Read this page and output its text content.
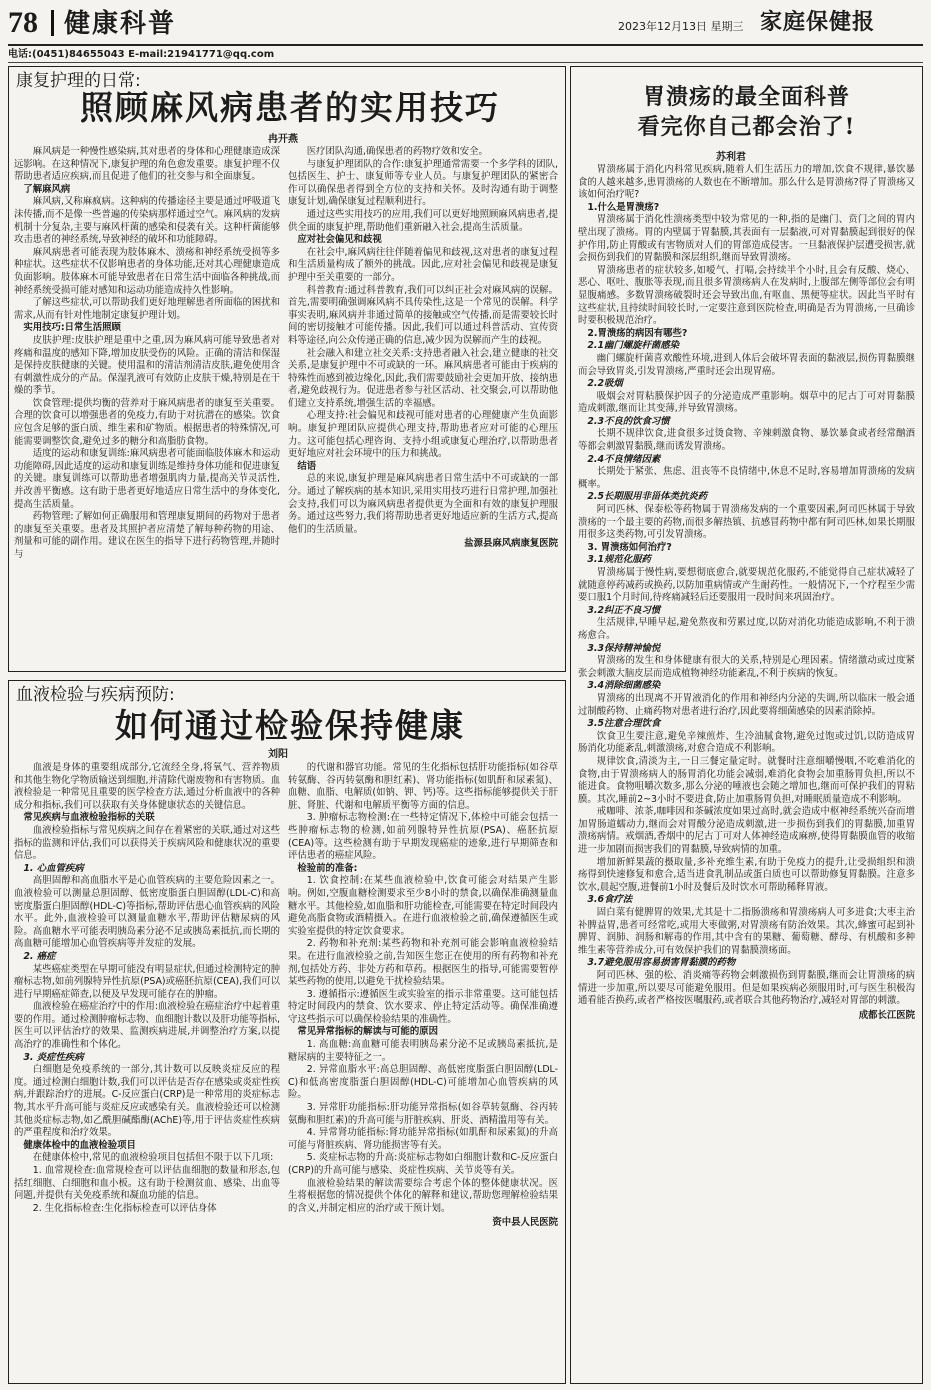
78 健康科普	2023年12月13日 星期三 家庭保健报
电话:(0451)84655043 E-mail:21941771@qq.com
康复护理的日常:
照顾麻风病患者的实用技巧
冉开燕

麻风病是一种慢性感染病,其对患者的身体和心理健康造成深远影响。在这种情况下,康复护理的角色愈发重要。康复护理不仅帮助患者适应疾病,而且促进了他们的社交参与和全面康复。

了解麻风病

麻风病,又称麻疯病。这种病的传播途径主要是通过呼吸道飞沫传播,而不是像一些普遍的传染病那样通过空气。麻风病的发病机制十分复杂,主要与麻风杆菌的感染和侵袭有关。这种杆菌能够攻击患者的神经系统,导致神经的破坏和功能障碍。

麻风病患者可能表现为肢体麻木、溃疡和神经系统受损等多种症状。这些症状不仅影响患者的身体功能,还对其心理健康造成负面影响。肢体麻木可能导致患者在日常生活中面临各种挑战,而神经系统受损可能对感知和运动功能造成持久性影响。

了解这些症状,可以帮助我们更好地理解患者所面临的困扰和需求,从而有针对性地制定康复护理计划。

实用技巧:日常生活照顾

皮肤护理:皮肤护理是重中之重,因为麻风病可能导致患者对疼痛和温度的感知下降,增加皮肤受伤的风险。正确的清洁和保湿是保持皮肤健康的关键。使用温和的清洁剂清洁皮肤,避免使用含有刺激性成分的产品。保湿乳液可有效防止皮肤干燥,特别是在干燥的季节。

饮食管理:提供均衡的营养对于麻风病患者的康复至关重要。合理的饮食可以增强患者的免疫力,有助于对抗潜在的感染。饮食应包含足够的蛋白质、维生素和矿物质。根据患者的特殊情况,可能需要调整饮食,避免过多的糖分和高脂肪食物。

适度的运动和康复训练:麻风病患者可能面临肢体麻木和运动功能障碍,因此适度的运动和康复训练是维持身体功能和促进康复的关键。康复训练可以帮助患者增强肌肉力量,提高关节灵活性,并改善平衡感。这有助于患者更好地适应日常生活中的身体变化,提高生活质量。

药物管理:了解如何正确服用和管理康复期间的药物对于患者的康复至关重要。患者及其照护者应清楚了解每种药物的用途、剂量和可能的副作用。建议在医生的指导下进行药物管理,并随时与

医疗团队沟通,确保患者的药物疗效和安全。

与康复护理团队的合作:康复护理通常需要一个多学科的团队,包括医生、护士、康复师等专业人员。与康复护理团队的紧密合作可以确保患者得到全方位的支持和关怀。及时沟通有助于调整康复计划,确保康复过程顺利进行。

通过这些实用技巧的应用,我们可以更好地照顾麻风病患者,提供全面的康复护理,帮助他们重新融入社会,提高生活质量。

应对社会偏见和歧视

在社会中,麻风病往往伴随着偏见和歧视,这对患者的康复过程和生活质量构成了额外的挑战。因此,应对社会偏见和歧视是康复护理中至关重要的一部分。

科普教育:通过科普教育,我们可以纠正社会对麻风病的误解。首先,需要明确强调麻风病不具传染性,这是一个常见的误解。科学事实表明,麻风病并非通过简单的接触或空气传播,而是需要较长时间的密切接触才可能传播。因此,我们可以通过科普活动、宣传资料等途径,向公众传递正确的信息,减少因为误解而产生的歧视。

社会融入和建立社交关系:支持患者融入社会,建立健康的社交关系,是康复护理中不可或缺的一环。麻风病患者可能由于疾病的特殊性而感到被边缘化,因此,我们需要鼓励社会更加开放、接纳患者,避免歧视行为。促进患者参与社区活动、社交聚会,可以帮助他们建立支持系统,增强生活的幸福感。

心理支持:社会偏见和歧视可能对患者的心理健康产生负面影响。康复护理团队应提供心理支持,帮助患者应对可能的心理压力。这可能包括心理咨询、支持小组或康复心理治疗,以帮助患者更好地应对社会环境中的压力和挑战。

结语

总的来说,康复护理是麻风病患者日常生活中不可或缺的一部分。通过了解疾病的基本知识,采用实用技巧进行日常护理,加强社会支持,我们可以为麻风病患者提供更为全面和有效的康复护理服务。通过这些努力,我们将帮助患者更好地适应新的生活方式,提高他们的生活质量。

盐源县麻风病康复医院

血液检验与疾病预防:
如何通过检验保持健康
刘阳

血液是身体的重要组成部分,它流经全身,将氧气、营养物质和其他生物化学物质输送到细胞,并清除代谢废物和有害物质。血液检验是一种常见且重要的医学检查方法,通过分析血液中的各种成分和指标,我们可以获取有关身体健康状态的关键信息。

常见疾病与血液检验指标的关联

血液检验指标与常见疾病之间存在着紧密的关联,通过对这些指标的监测和评估,我们可以获得关于疾病风险和健康状况的重要信息。

1. 心血管疾病

高胆固醇和高血脂水平是心血管疾病的主要危险因素之一。血液检验可以测量总胆固醇、低密度脂蛋白胆固醇(LDL-C)和高密度脂蛋白胆固醇(HDL-C)等指标,帮助评估患心血管疾病的风险水平。此外,血液检验可以测量血糖水平,帮助评估糖尿病的风险。高血糖水平可能表明胰岛素分泌不足或胰岛素抵抗,而长期的高血糖可能增加心血管疾病等并发症的发展。

2. 癌症

某些癌症类型在早期可能没有明显症状,但通过检测特定的肿瘤标志物,如前列腺特异性抗原(PSA)或癌胚抗原(CEA),我们可以进行早期癌症筛查,以便及早发现可能存在的肿瘤。

血液检验在癌症治疗中的作用:血液检验在癌症治疗中起着重要的作用。通过检测肿瘤标志物、血细胞计数以及肝功能等指标,医生可以评估治疗的效果、监测疾病进展,并调整治疗方案,以提高治疗的准确性和个体化。

3. 炎症性疾病

白细胞是免疫系统的一部分,其计数可以反映炎症反应的程度。通过检测白细胞计数,我们可以评估是否存在感染或炎症性疾病,并跟踪治疗的进展。C-反应蛋白(CRP)是一种常用的炎症标志物,其水平升高可能与炎症反应或感染有关。血液检验还可以检测其他炎症标志物,如乙酰胆碱酯酶(AChE)等,用于评估炎症性疾病的严重程度和治疗效果。

健康体检中的血液检验项目

在健康体检中,常见的血液检验项目包括但不限于以下几项:

1. 血常规检查:血常规检查可以评估血细胞的数量和形态,包括红细胞、白细胞和血小板。这有助于检测贫血、感染、出血等问题,并提供有关免疫系统和凝血功能的信息。

2. 生化指标检查:生化指标检查可以评估身体

的代谢和器官功能。常见的生化指标包括肝功能指标(如谷草转氨酶、谷丙转氨酶和胆红素)、肾功能指标(如肌酐和尿素氮)、血糖、血脂、电解质(如钠、钾、钙)等。这些指标能够提供关于肝脏、肾脏、代谢和电解质平衡等方面的信息。

3. 肿瘤标志物检测:在一些特定情况下,体检中可能会包括一些肿瘤标志物的检测,如前列腺特异性抗原(PSA)、癌胚抗原(CEA)等。这些检测有助于早期发现癌症的迹象,进行早期筛查和评估患者的癌症风险。

检验前的准备:

1. 饮食控制:在某些血液检验中,饮食可能会对结果产生影响。例如,空腹血糖检测要求至少8小时的禁食,以确保准确测量血糖水平。其他检验,如血脂和肝功能检查,可能需要在特定时间段内避免高脂食物或酒精摄入。在进行血液检验之前,确保遵循医生或实验室提供的特定饮食要求。

2. 药物和补充剂:某些药物和补充剂可能会影响血液检验结果。在进行血液检验之前,告知医生您正在使用的所有药物和补充剂,包括处方药、非处方药和草药。根据医生的指导,可能需要暂停某些药物的使用,以避免干扰检验结果。

3. 遵循指示:遵循医生或实验室的指示非常重要。这可能包括特定时间段内的禁食、饮水要求、停止特定活动等。确保准确遵守这些指示可以确保检验结果的准确性。

常见异常指标的解读与可能的原因

1. 高血糖:高血糖可能表明胰岛素分泌不足或胰岛素抵抗,是糖尿病的主要特征之一。

2. 异常血脂水平:高总胆固醇、高低密度脂蛋白胆固醇(LDL-C)和低高密度脂蛋白胆固醇(HDL-C)可能增加心血管疾病的风险。

3. 异常肝功能指标:肝功能异常指标(如谷草转氨酶、谷丙转氨酶和胆红素)的升高可能与肝脏疾病、肝炎、酒精滥用等有关。

4. 异常肾功能指标:肾功能异常指标(如肌酐和尿素氮)的升高可能与肾脏疾病、肾功能损害等有关。

5. 炎症标志物的升高:炎症标志物如白细胞计数和C-反应蛋白(CRP)的升高可能与感染、炎症性疾病、关节炎等有关。

血液检验结果的解读需要综合考虑个体的整体健康状况。医生将根据您的情况提供个体化的解释和建议,帮助您理解检验结果的含义,并制定相应的治疗或干预计划。

资中县人民医院

胃溃疡的最全面科普
看完你自己都会治了!
苏利君

胃溃疡属于消化内科常见疾病,随着人们生活压力的增加,饮食不规律,暴饮暴食的人越来越多,患胃溃疡的人数也在不断增加。那么什么是胃溃疡?得了胃溃疡又该如何治疗呢?

1.什么是胃溃疡?

胃溃疡属于消化性溃疡类型中较为常见的一种,指的是幽门、贲门之间的胃内壁出现了溃疡。胃的内壁属于胃黏膜,其表面有一层黏液,可对胃黏膜起到很好的保护作用,防止胃酸或有害物质对人们的胃部造成侵害。一旦黏液保护层遭受损害,就会损伤到我们的胃黏膜和深层组织,继而导致胃溃疡。

胃溃疡患者的症状较多,如嗳气、打嗝,会持续半个小时,且会有反酸、烧心、恶心、呕吐、腹胀等表现,而且很多胃溃疡病人在发病时,上腹部左侧等部位会有明显腹痛感。多数胃溃疡破裂时还会导致出血,有呕血、黑便等症状。因此当平时有这些症状,且持续时间较长时,一定要注意到医院检查,明确是否为胃溃疡,一旦确诊时要积极规范治疗。

2.胃溃疡的病因有哪些?

2.1幽门螺旋杆菌感染

幽门螺旋杆菌喜欢酸性环境,进到人体后会破坏胃表面的黏液层,损伤胃黏膜继而会导致胃炎,引发胃溃疡,严重时还会出现胃癌。

2.2吸烟

吸烟会对胃粘膜保护因子的分泌造成严重影响。烟草中的尼古丁可对胃黏膜造成刺激,继而让其变薄,并导致胃溃疡。

2.3不良的饮食习惯

长期不规律饮食,进食很多过烫食物、辛辣刺激食物、暴饮暴食或者经常酗酒等都会刺激胃黏膜,继而诱发胃溃疡。

2.4不良情绪因素

长期处于紧张、焦虑、沮丧等不良情绪中,休息不足时,容易增加胃溃疡的发病概率。

2.5长期服用非甾体类抗炎药

阿司匹林、保泰松等药物属于胃溃疡发病的一个重要因素,阿司匹林属于导致溃疡的一个最主要的药物,而很多解热镇、抗感冒药物中都有阿司匹林,如果长期服用很多这类药物,可引发胃溃疡。

3. 胃溃疡如何治疗?

3.1规范化服药

胃溃疡属于慢性病,要想彻底愈合,就要规范化服药,不能觉得自己症状减轻了就随意停药减药或换药,以防加重病情或产生耐药性。一般情况下,一个疗程至少需要口服1个月时间,待疼痛减轻后还要服用一段时间来巩固治疗。

3.2纠正不良习惯

生活规律,早睡早起,避免熬夜和劳累过度,以防对消化功能造成影响,不利于溃疡愈合。

3.3保持精神愉悦

胃溃疡的发生和身体健康有很大的关系,特别是心理因素。情绪激动或过度紧张会刺激大脑皮层而造成植物神经功能紊乱,不利于疾病的恢复。

3.4消除细菌感染

胃溃疡的出现离不开胃液消化的作用和神经内分泌的失调,所以临床一般会通过制酸药物、止痛药物对患者进行治疗,因此要将细菌感染的因素消除掉。

3.5注意合理饮食

饮食卫生要注意,避免辛辣煎炸、生冷油腻食物,避免过饱或过饥,以防造成胃肠消化功能紊乱,刺激溃疡,对愈合造成不利影响。

规律饮食,清淡为主,一日三餐定量定时。就餐时注意细嚼慢咽,不吃难消化的食物,由于胃溃疡病人的肠胃消化功能会减弱,难消化食物会加重肠胃负担,所以不能进食。食物咀嚼次数多,那么分泌的唾液也会随之增加也,继而可保护我们的胃粘膜。其次,睡前2~3小时不要进食,防止加重肠胃负担,对睡眠质量造成不利影响。

戒咖啡、浓茶,咖啡因和茶碱浓度如果过高时,就会造成中枢神经系统兴奋而增加胃肠道蠕动力,继而会对胃酸分泌造成刺激,进一步损伤到我们的胃黏膜,加重胃溃疡病情。戒烟酒,香烟中的尼古丁可对人体神经造成麻痹,使得胃黏膜血管的收缩进一步加剧而损害我们的胃黏膜,导致病情的加重。

增加新鲜果蔬的摄取量,多补充维生素,有助于免疫力的提升,让受损组织和溃疡得到快速修复和愈合,适当进食乳制品或蛋白质也可以帮助修复胃黏膜。注意多饮水,晨起空腹,进餐前1小时及餐后及时饮水可帮助稀释胃液。

3.6食疗法

固白菜有健脾胃的效果,尤其是十二指肠溃疡和胃溃疡病人可多进食;大枣主治补脾益胃,患者可经常吃,或用大枣做粥,对胃溃疡有防治效果。其次,蜂蜜可起到补脾胃、润肺、润肠和解毒的作用,其中含有的果糖、葡萄糖、酵母、有机酸和多种维生素等营养成分,可有效保护我们的胃黏膜溃疡面。

3.7避免服用容易损害胃黏膜的药物

阿司匹林、强的松、消炎痛等药物会刺激损伤到胃黏膜,继而会让胃溃疡的病情进一步加重,所以要尽可能避免服用。但是如果疾病必须服用时,可与医生积极沟通看能否换药,或者严格按医嘱服药,或者联合其他药物治疗,减轻对胃部的刺激。

成都长江医院
